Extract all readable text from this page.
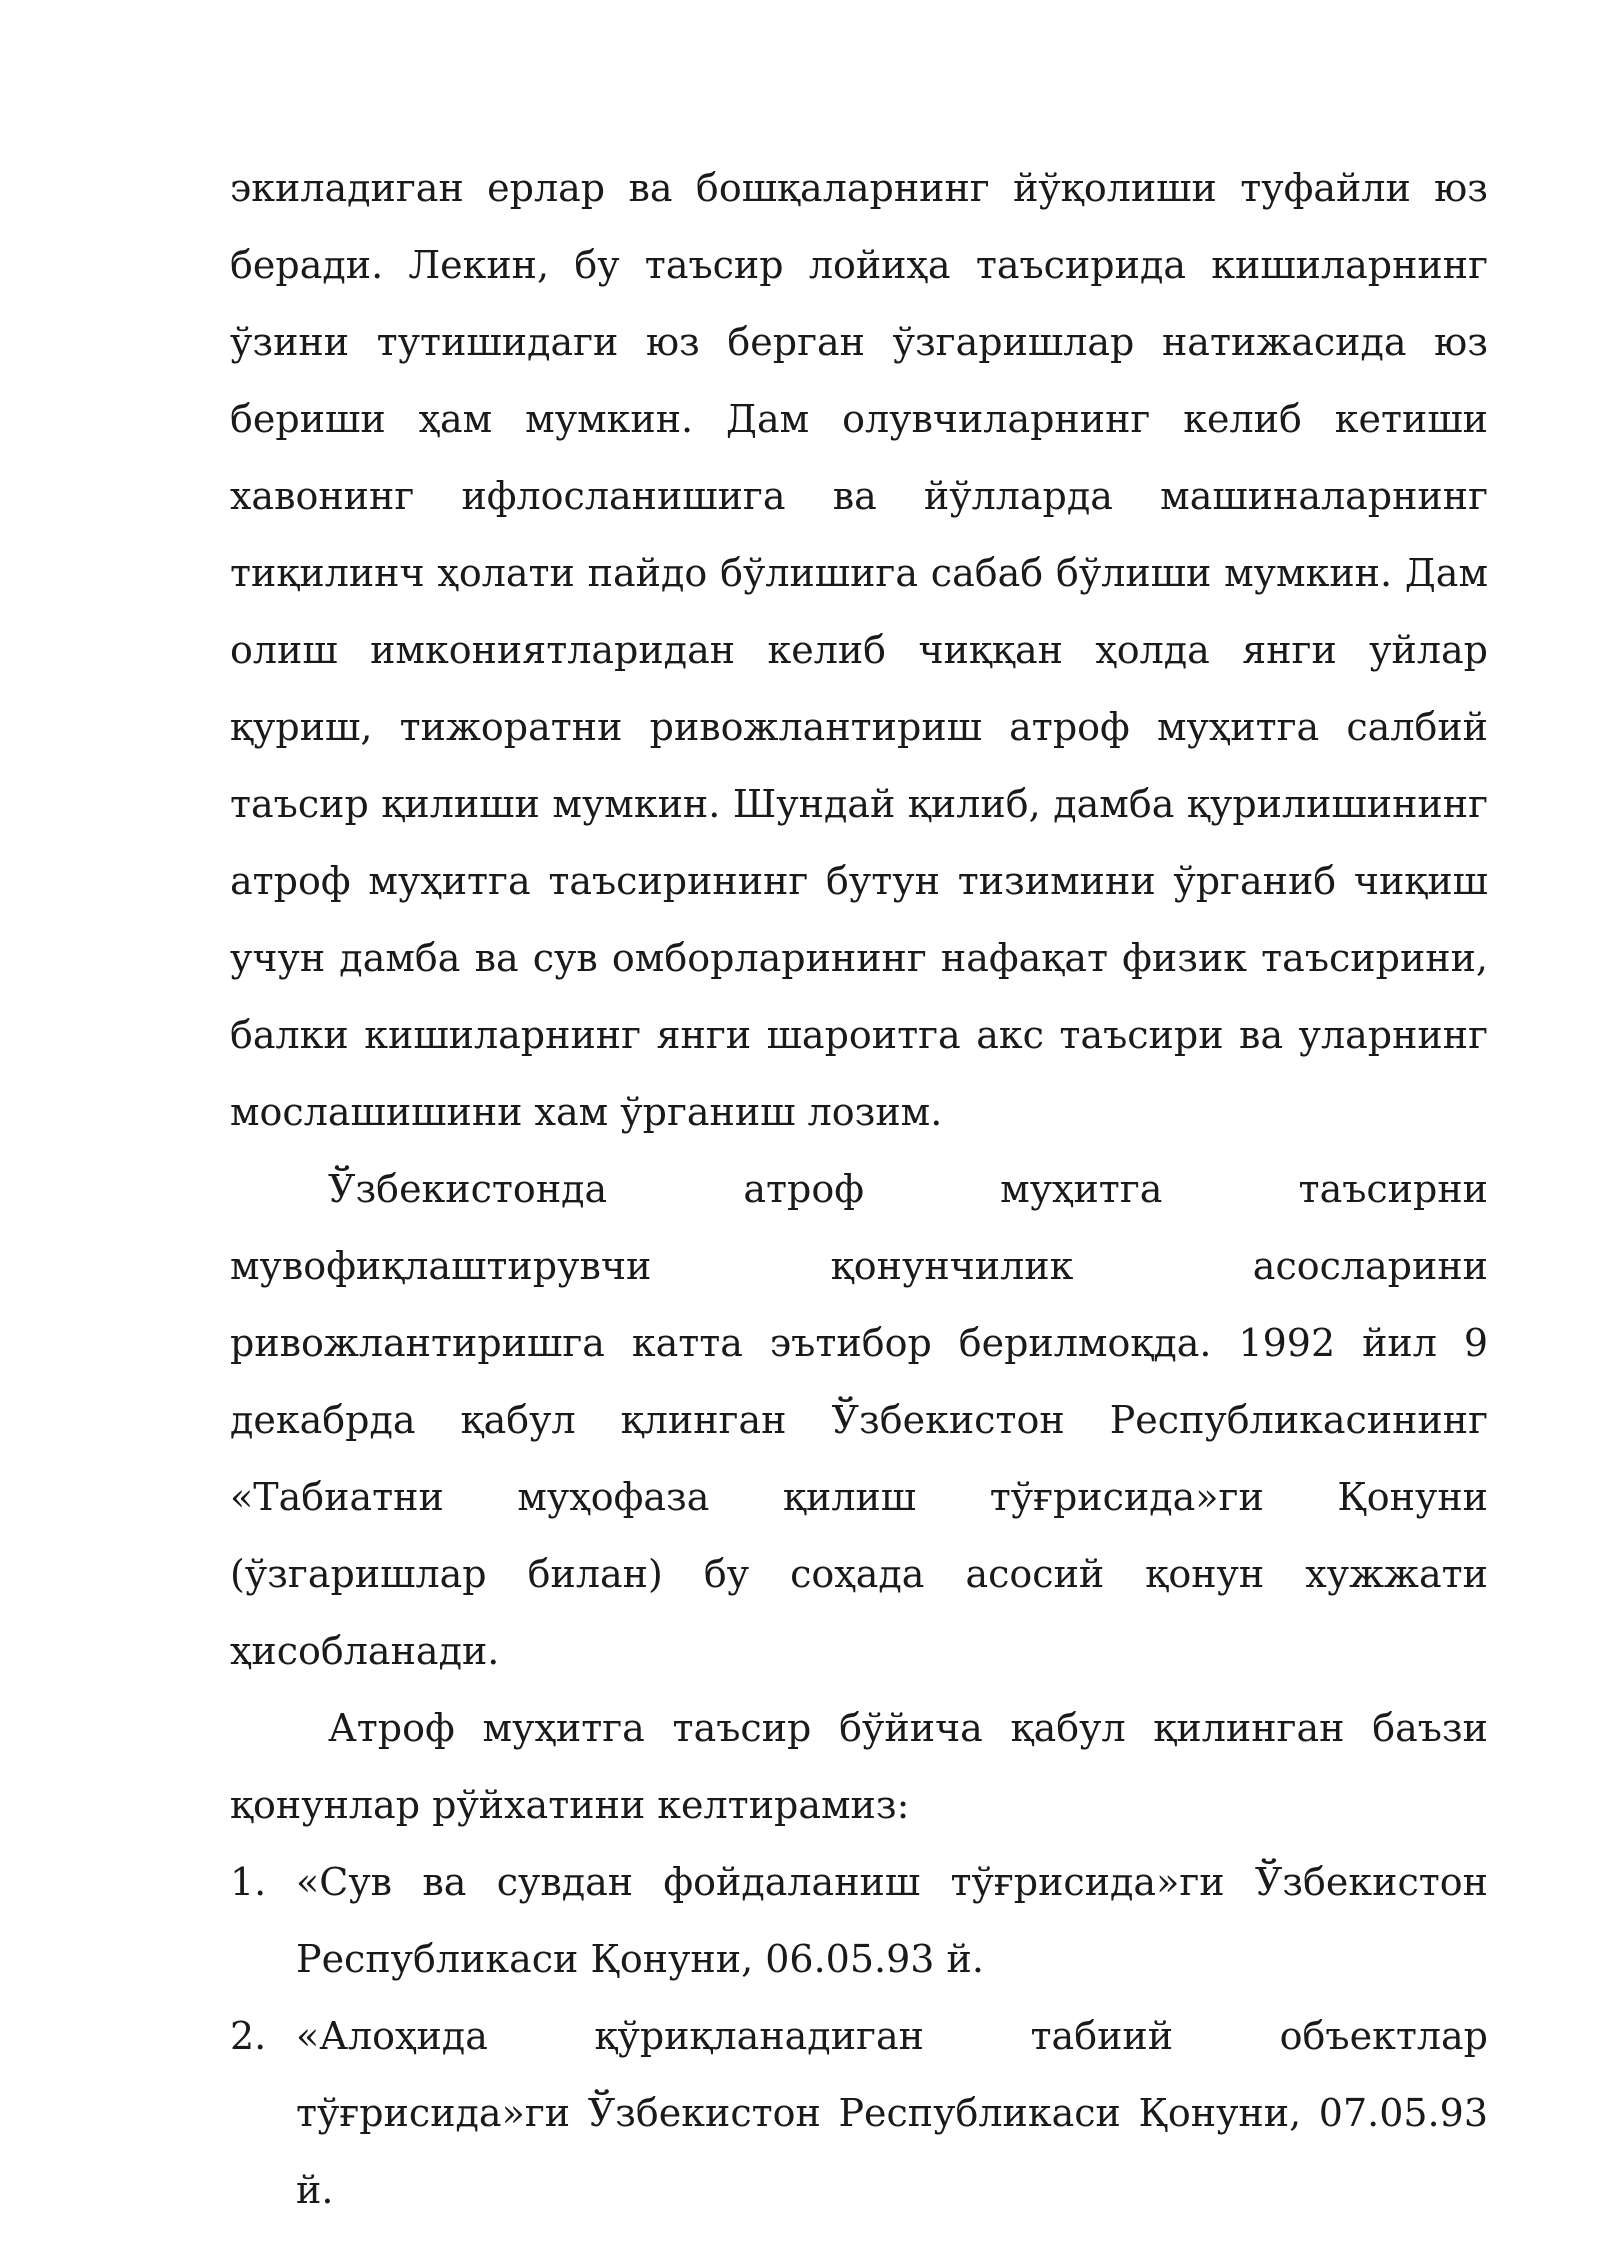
экиладиган ерлар ва бошқаларнинг йўқолиши туфайли юз беради. Лекин, бу таъсир лойиҳа таъсирида кишиларнинг ўзини тутишидаги юз берган ўзгаришлар натижасида юз бериши ҳам мумкин. Дам олувчиларнинг келиб кетиши хавонинг ифлосланишига ва йўлларда машиналарнинг тиқилинч ҳолати пайдо бўлишига сабаб бўлиши мумкин. Дам олиш имкониятларидан келиб чиққан ҳолда янги уйлар қуриш, тижоратни ривожлантириш атроф муҳитга салбий таъсир қилиши мумкин. Шундай қилиб, дамба қурилишининг атроф муҳитга таъсирининг бутун тизимини ўрганиб чиқиш учун дамба ва сув омборларининг нафақат физик таъсирини, балки кишиларнинг янги шароитга акс таъсири ва уларнинг мослашишини хам ўрганиш лозим.

Ўзбекистонда атроф муҳитга таъсирни мувофиқлаштирувчи қонунчилик асосларини ривожлантиришга катта эътибор берилмоқда. 1992 йил 9 декабрда қабул қлинган Ўзбекистон Республикасининг «Табиатни муҳофаза қилиш тўғрисида»ги Қонуни (ўзгаришлар билан) бу соҳада асосий қонун хужжати ҳисобланади.

Атроф муҳитга таъсир бўйича қабул қилинган баъзи қонунлар рўйхатини келтирамиз:

1. «Сув ва сувдан фойдаланиш тўғрисида»ги Ўзбекистон Республикаси Қонуни, 06.05.93 й.
2. «Алоҳида қўриқланадиган табиий объектлар тўғрисида»ги Ўзбекистон Республикаси Қонуни, 07.05.93 й.
